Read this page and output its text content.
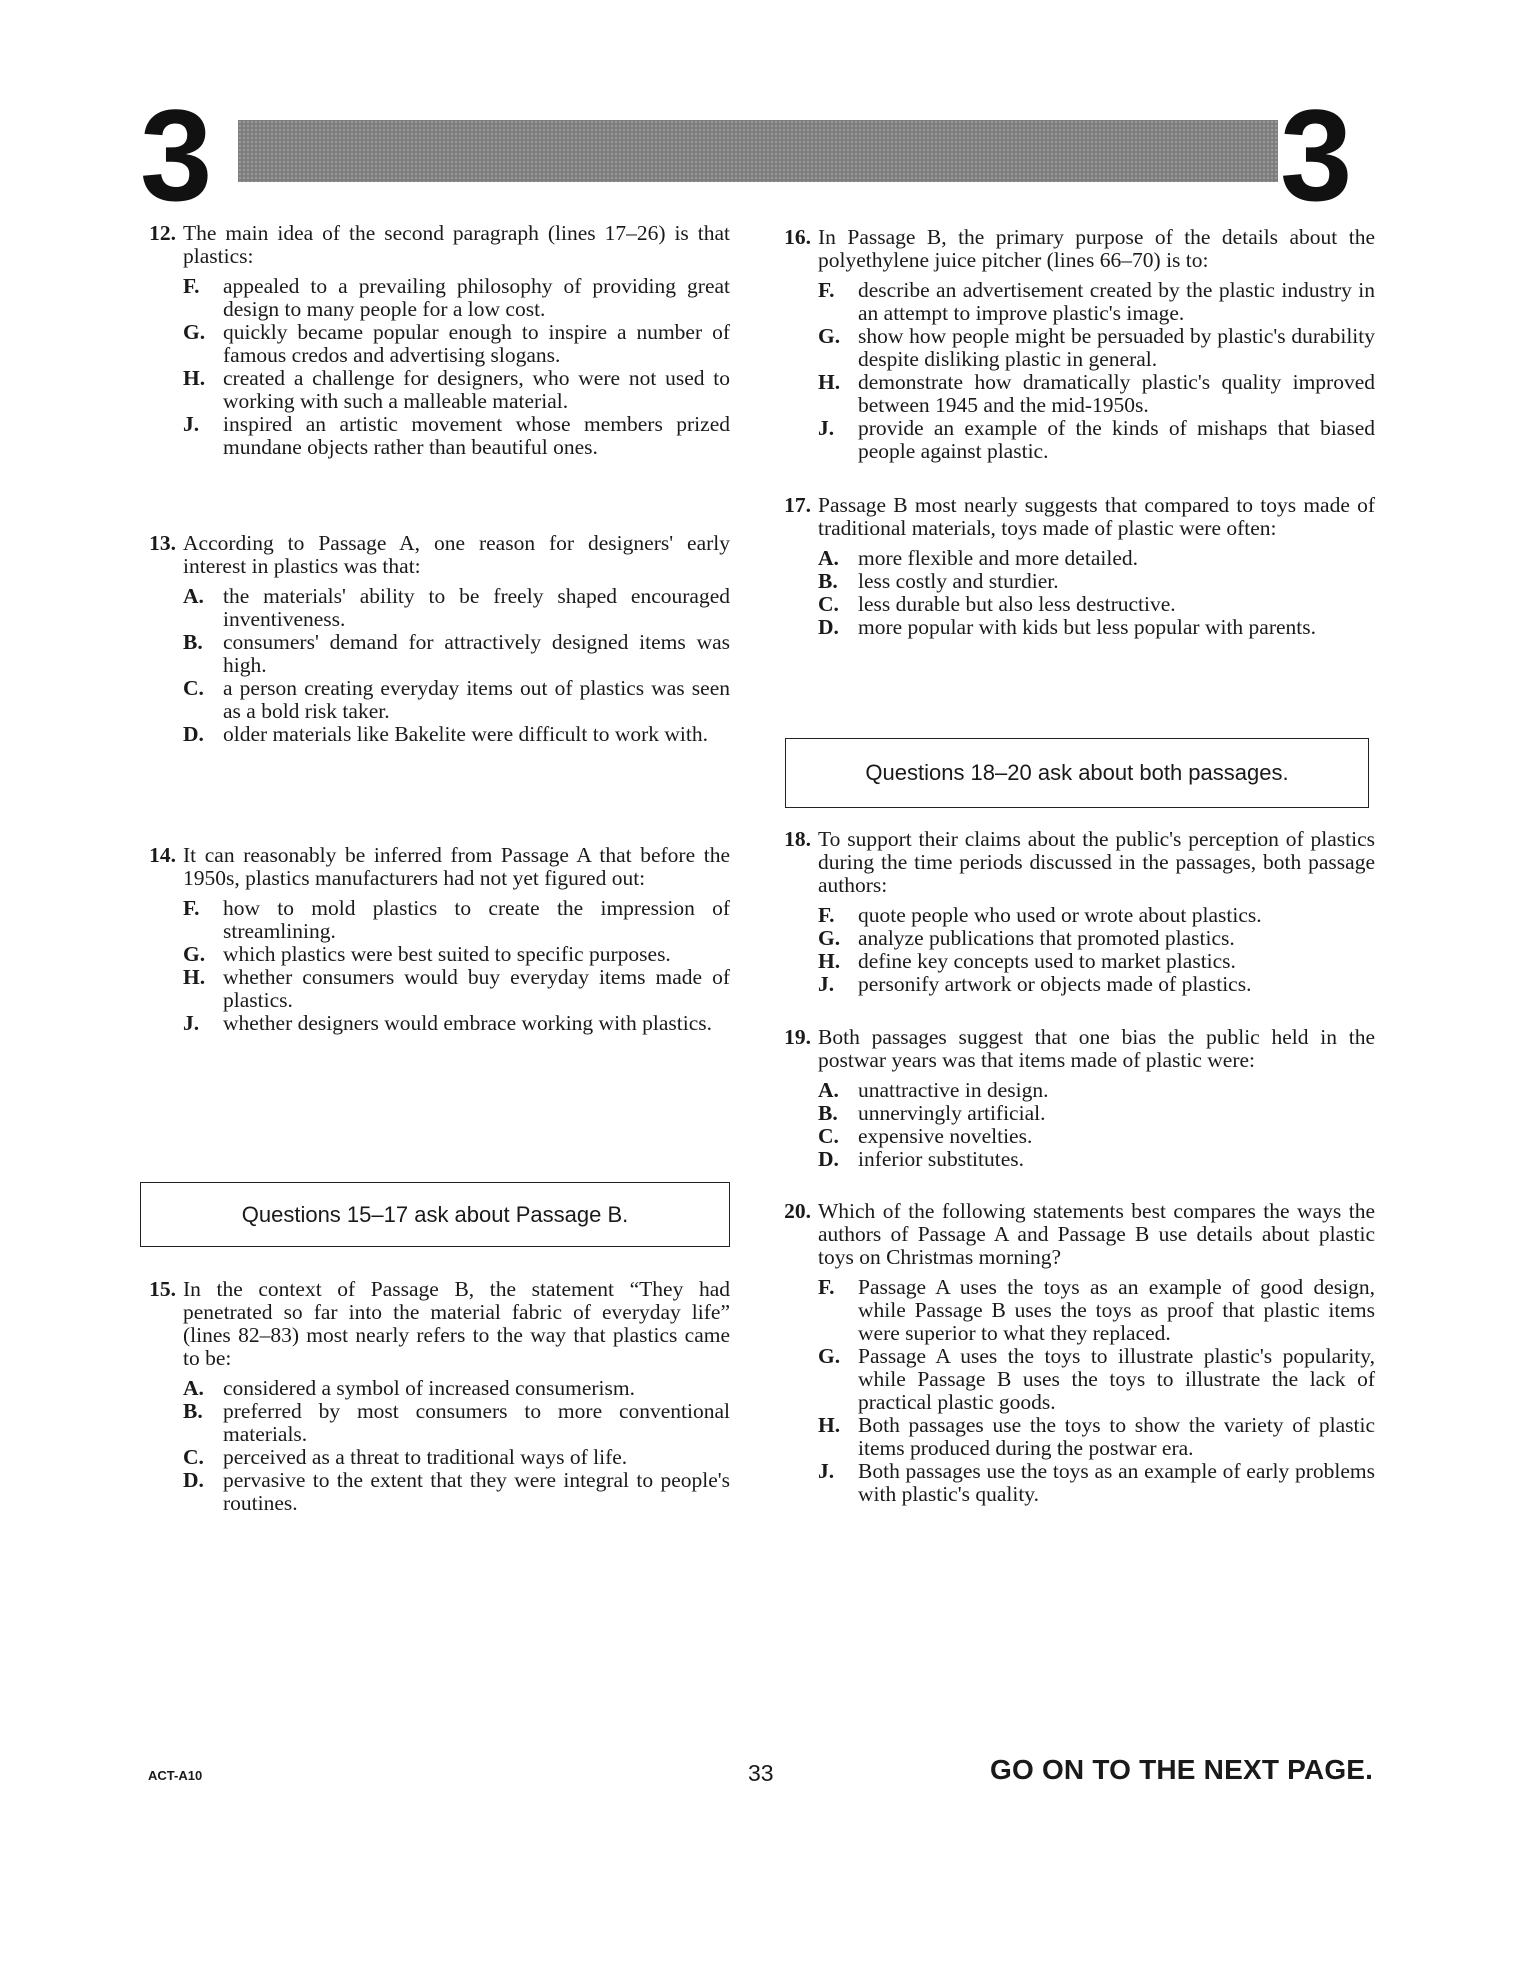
3	3
12. The main idea of the second paragraph (lines 17–26) is that plastics:
F.	appealed to a prevailing philosophy of providing great design to many people for a low cost.
G. quickly became popular enough to inspire a number of famous credos and advertising slogans.
H. created a challenge for designers, who were not used to working with such a malleable material.
J.	inspired an artistic movement whose members prized mundane objects rather than beautiful ones.
13. According to Passage A, one reason for designers' early interest in plastics was that:
A. the materials' ability to be freely shaped encouraged inventiveness.
B. consumers' demand for attractively designed items was high.
C. a person creating everyday items out of plastics was seen as a bold risk taker.
D. older materials like Bakelite were difficult to work with.
14. It can reasonably be inferred from Passage A that before the 1950s, plastics manufacturers had not yet figured out:
F.	how to mold plastics to create the impression of streamlining.
G. which plastics were best suited to specific purposes.
H. whether consumers would buy everyday items made of plastics.
J.	whether designers would embrace working with plastics.
Questions 15–17 ask about Passage B.
15. In the context of Passage B, the statement “They had penetrated so far into the material fabric of everyday life” (lines 82–83) most nearly refers to the way that plastics came to be:
A. considered a symbol of increased consumerism.
B. preferred by most consumers to more conventional materials.
C. perceived as a threat to traditional ways of life.
D. pervasive to the extent that they were integral to people's routines.
16. In Passage B, the primary purpose of the details about the polyethylene juice pitcher (lines 66–70) is to:
F.	describe an advertisement created by the plastic industry in an attempt to improve plastic's image.
G. show how people might be persuaded by plastic's durability despite disliking plastic in general.
H. demonstrate how dramatically plastic's quality improved between 1945 and the mid-1950s.
J.	provide an example of the kinds of mishaps that biased people against plastic.
17. Passage B most nearly suggests that compared to toys made of traditional materials, toys made of plastic were often:
A. more flexible and more detailed.
B. less costly and sturdier.
C. less durable but also less destructive.
D. more popular with kids but less popular with parents.
Questions 18–20 ask about both passages.
18. To support their claims about the public's perception of plastics during the time periods discussed in the passages, both passage authors:
F.	quote people who used or wrote about plastics.
G. analyze publications that promoted plastics.
H. define key concepts used to market plastics.
J.	personify artwork or objects made of plastics.
19. Both passages suggest that one bias the public held in the postwar years was that items made of plastic were:
A. unattractive in design.
B. unnervingly artificial.
C. expensive novelties.
D. inferior substitutes.
20. Which of the following statements best compares the ways the authors of Passage A and Passage B use details about plastic toys on Christmas morning?
F.	Passage A uses the toys as an example of good design, while Passage B uses the toys as proof that plastic items were superior to what they replaced.
G. Passage A uses the toys to illustrate plastic's popularity, while Passage B uses the toys to illustrate the lack of practical plastic goods.
H. Both passages use the toys to show the variety of plastic items produced during the postwar era.
J.	Both passages use the toys as an example of early problems with plastic's quality.
ACT-A10	33	GO ON TO THE NEXT PAGE.
